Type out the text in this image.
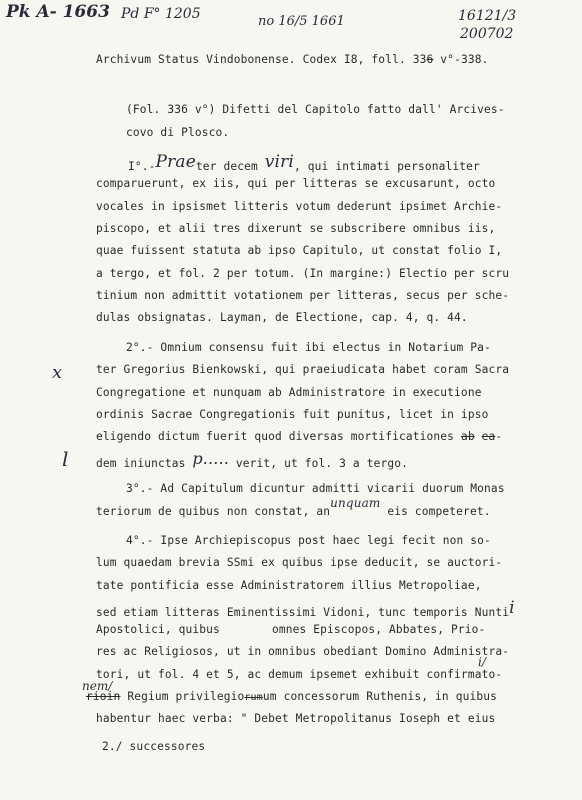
Pk A- 1663 Pd F° 1205	no 16/5 1661	16121/3
200702
x
l
Archivum Status Vindobonense. Codex I8, foll. 336 v°-338.
(Fol. 336 v°) Difetti del Capitolo fatto dall' Arcives-
covo di Plosco.
I°.-Praeter decem viri, qui intimati personaliter
comparuerunt, ex iis, qui per litteras se excusarunt, octo
vocales in ipsismet litteris votum dederunt ipsimet Archie-
piscopo, et alii tres dixerunt se subscribere omnibus iis,
quae fuissent statuta ab ipso Capitulo, ut constat folio I,
a tergo, et fol. 2 per totum. (In margine:) Electio per scru
tinium non admittit votationem per litteras, secus per sche-
dulas obsignatas. Layman, de Electione, cap. 4, q. 44.
2°.- Omnium consensu fuit ibi electus in Notarium Pa-
ter Gregorius Bienkowski, qui praeiudicata habet coram Sacra
Congregatione et nunquam ab Administratore in executione
ordinis Sacrae Congregationis fuit punitus, licet in ipso
eligendo dictum fuerit quod diversas mortificationes ab ea-
dem iniunctas p..... verit, ut fol. 3 a tergo.
3°.- Ad Capitulum dicuntur admitti vicarii duorum Monas
teriorum de quibus non constat, anunquam eis competeret.
4°.- Ipse Archiepiscopus post haec legi fecit non so-
lum quaedam brevia SSmi ex quibus ipse deducit, se auctori-
tate pontificia esse Administratorem illius Metropoliae,
sed etiam litteras Eminentissimi Vidoni, tunc temporis Nuntii
Apostolici, quibus	omnes Episcopos, Abbates, Prio-
res ac Religiosos, ut in omnibus obediant Domino Administra-
i/
tori, ut fol. 4 et 5, ac demum ipsemet exhibuit confirmato-
nem/
rioin Regium privilegiorumum concessorum Ruthenis, in quibus
habentur haec verba: " Debet Metropolitanus Ioseph et eius
2./ successores
